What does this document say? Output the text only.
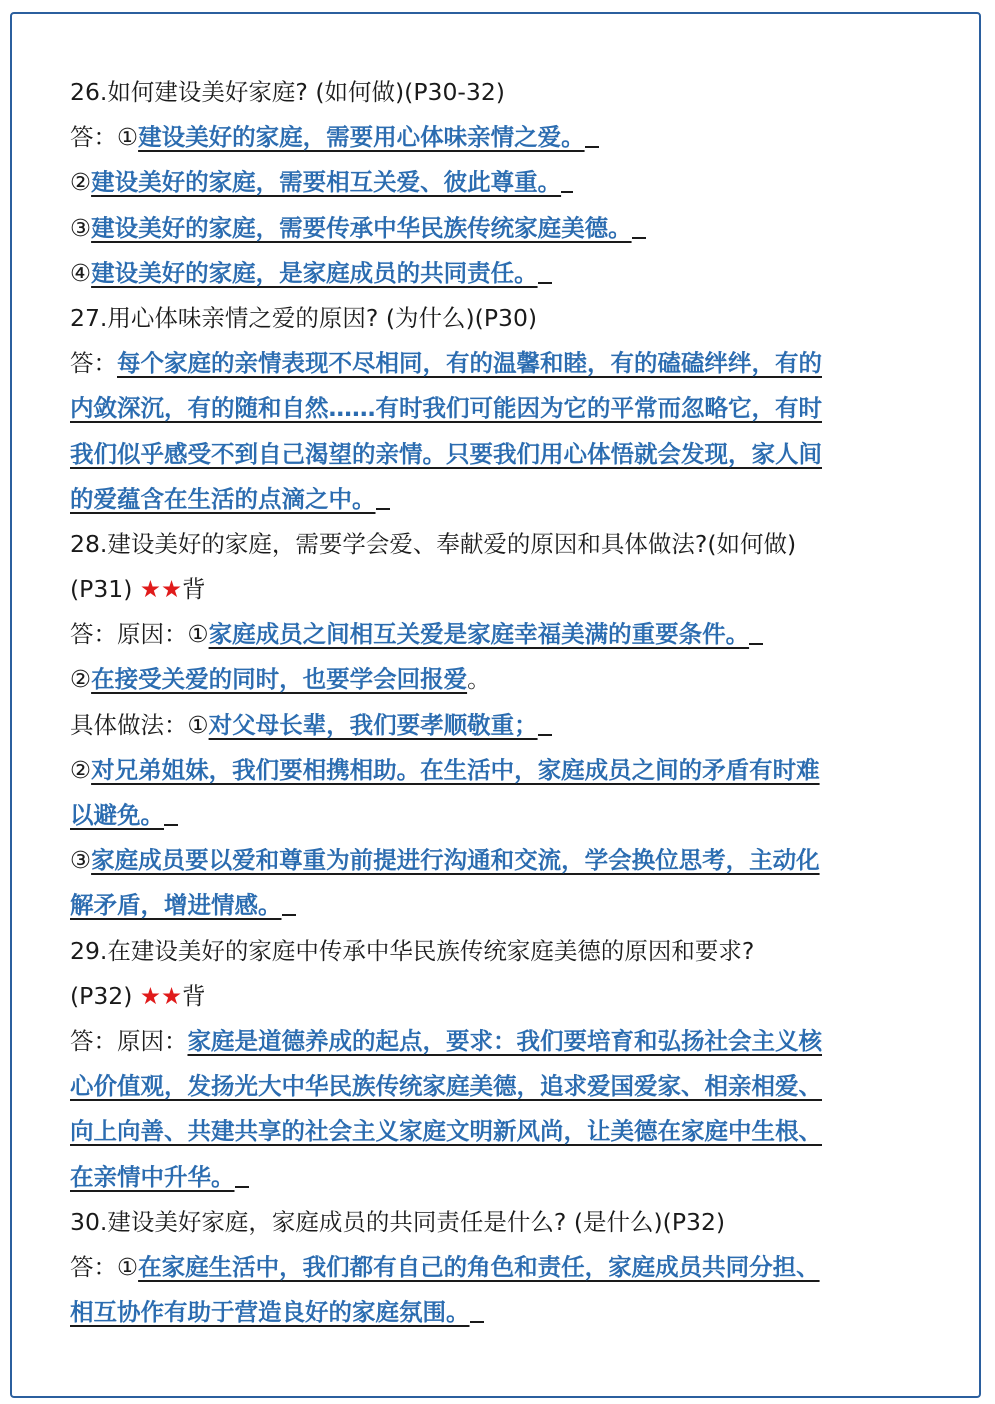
26.如何建设美好家庭? (如何做)(P30-32)
答：① 建设美好的家庭，需要用心体味亲情之爱。
② 建设美好的家庭，需要相互关爱、彼此尊重。
③ 建设美好的家庭，需要传承中华民族传统家庭美德。
④ 建设美好的家庭，是家庭成员的共同责任。
27.用心体味亲情之爱的原因? (为什么)(P30)
答：每个家庭的亲情表现不尽相同，有的温馨和睦，有的磕磕绊绊，有的
内敛深沉，有的随和自然……有时我们可能因为它的平常而忽略它，有时
我们似乎感受不到自己渴望的亲情。只要我们用心体悟就会发现，家人间
的爱蕴含在生活的点滴之中。
28.建设美好的家庭，需要学会爱、奉献爱的原因和具体做法?(如何做)
(P31) ★★背
答：原因：① 家庭成员之间相互关爱是家庭幸福美满的重要条件。
②在接受关爱的同时，也要学会回报爱。
具体做法：① 对父母长辈，我们要孝顺敬重；
②对兄弟姐妹，我们要相携相助。在生活中，家庭成员之间的矛盾有时难
以避免。
③家庭成员要以爱和尊重为前提进行沟通和交流，学会换位思考，主动化
解矛盾，增进情感。
29.在建设美好的家庭中传承中华民族传统家庭美德的原因和要求?
(P32) ★★背
答：原因：家庭是道德养成的起点，要求：我们要培育和弘扬社会主义核
心价值观，发扬光大中华民族传统家庭美德，追求爱国爱家、相亲相爱、
向上向善、共建共享的社会主义家庭文明新风尚，让美德在家庭中生根、
在亲情中升华。
30.建设美好家庭，家庭成员的共同责任是什么? (是什么)(P32)
答：①在家庭生活中，我们都有自己的角色和责任，家庭成员共同分担、
相互协作有助于营造良好的家庭氛围。
